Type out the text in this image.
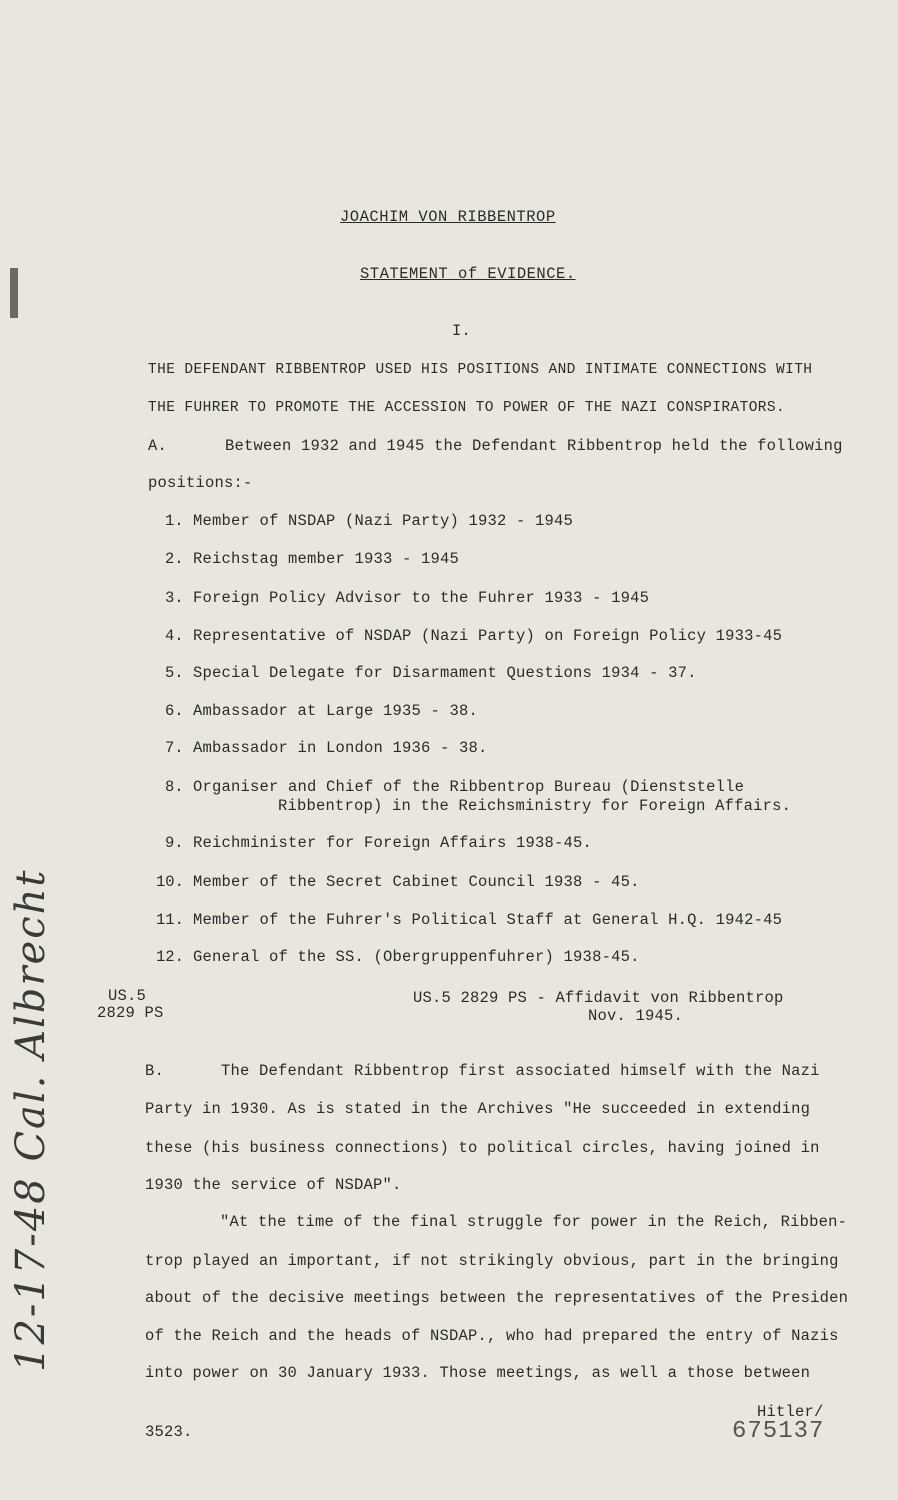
JOACHIM VON RIBBENTROP
STATEMENT of EVIDENCE.
I.
THE DEFENDANT RIBBENTROP USED HIS POSITIONS AND INTIMATE CONNECTIONS WITH
THE FUHRER TO PROMOTE THE ACCESSION TO POWER OF THE NAZI CONSPIRATORS.
A.	Between 1932 and 1945 the Defendant Ribbentrop held the following
positions:-
1. Member of NSDAP (Nazi Party) 1932 - 1945
2. Reichstag member 1933 - 1945
3. Foreign Policy Advisor to the Fuhrer 1933 - 1945
4. Representative of NSDAP (Nazi Party) on Foreign Policy 1933-45
5. Special Delegate for Disarmament Questions 1934 - 37.
6. Ambassador at Large 1935 - 38.
7. Ambassador in London 1936 - 38.
8. Organiser and Chief of the Ribbentrop Bureau (Dienststelle
Ribbentrop) in the Reichsministry for Foreign Affairs.
9. Reichminister for Foreign Affairs 1938-45.
10. Member of the Secret Cabinet Council 1938 - 45.
11. Member of the Fuhrer's Political Staff at General H.Q. 1942-45
12. General of the SS. (Obergruppenfuhrer) 1938-45.
US.5
2829 PS
US.5 2829 PS - Affidavit von Ribbentrop
Nov. 1945.
B.	The Defendant Ribbentrop first associated himself with the Nazi
Party in 1930. As is stated in the Archives "He succeeded in extending
these (his business connections) to political circles, having joined in
1930 the service of NSDAP".
"At the time of the final struggle for power in the Reich, Ribben-
trop played an important, if not strikingly obvious, part in the bringing
about of the decisive meetings between the representatives of the Presiden
of the Reich and the heads of NSDAP., who had prepared the entry of Nazis
into power on 30 January 1933. Those meetings, as well a those between
Hitler/
3523.	675137
12-17-48 Cal. Albrecht
